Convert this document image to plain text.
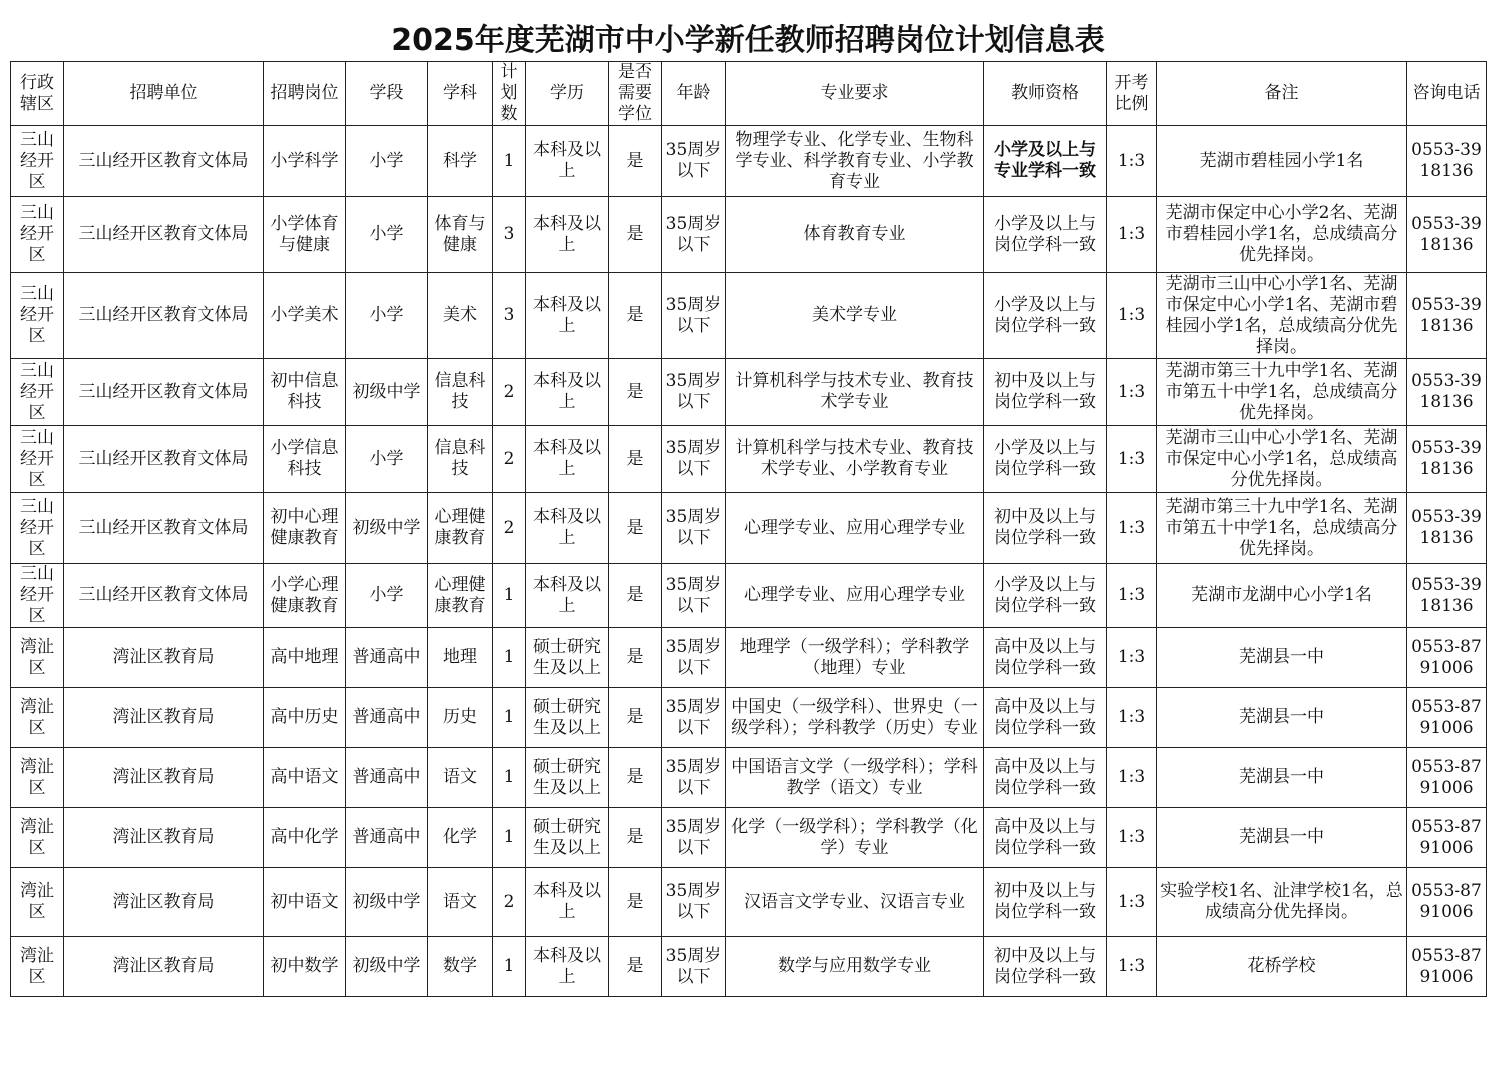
2025年度芜湖市中小学新任教师招聘岗位计划信息表
行政辖区	招聘单位	招聘岗位	学段	学科	计划数	学历	是否需要学位	年龄	专业要求	教师资格	开考比例	备注	咨询电话
三山经开区	三山经开区教育文体局	小学科学	小学	科学	1	本科及以上	是	35周岁以下	物理学专业、化学专业、生物科学专业、科学教育专业、小学教育专业	小学及以上与专业学科一致	1:3	芜湖市碧桂园小学1名	0553-3918136
三山经开区	三山经开区教育文体局	小学体育与健康	小学	体育与健康	3	本科及以上	是	35周岁以下	体育教育专业	小学及以上与岗位学科一致	1:3	芜湖市保定中心小学2名、芜湖市碧桂园小学1名，总成绩高分优先择岗。	0553-3918136
三山经开区	三山经开区教育文体局	小学美术	小学	美术	3	本科及以上	是	35周岁以下	美术学专业	小学及以上与岗位学科一致	1:3	芜湖市三山中心小学1名、芜湖市保定中心小学1名、芜湖市碧桂园小学1名，总成绩高分优先择岗。	0553-3918136
三山经开区	三山经开区教育文体局	初中信息科技	初级中学	信息科技	2	本科及以上	是	35周岁以下	计算机科学与技术专业、教育技术学专业	初中及以上与岗位学科一致	1:3	芜湖市第三十九中学1名、芜湖市第五十中学1名，总成绩高分优先择岗。	0553-3918136
三山经开区	三山经开区教育文体局	小学信息科技	小学	信息科技	2	本科及以上	是	35周岁以下	计算机科学与技术专业、教育技术学专业、小学教育专业	小学及以上与岗位学科一致	1:3	芜湖市三山中心小学1名、芜湖市保定中心小学1名，总成绩高分优先择岗。	0553-3918136
三山经开区	三山经开区教育文体局	初中心理健康教育	初级中学	心理健康教育	2	本科及以上	是	35周岁以下	心理学专业、应用心理学专业	初中及以上与岗位学科一致	1:3	芜湖市第三十九中学1名、芜湖市第五十中学1名，总成绩高分优先择岗。	0553-3918136
三山经开区	三山经开区教育文体局	小学心理健康教育	小学	心理健康教育	1	本科及以上	是	35周岁以下	心理学专业、应用心理学专业	小学及以上与岗位学科一致	1:3	芜湖市龙湖中心小学1名	0553-3918136
湾沚区	湾沚区教育局	高中地理	普通高中	地理	1	硕士研究生及以上	是	35周岁以下	地理学（一级学科）；学科教学（地理）专业	高中及以上与岗位学科一致	1:3	芜湖县一中	0553-8791006
湾沚区	湾沚区教育局	高中历史	普通高中	历史	1	硕士研究生及以上	是	35周岁以下	中国史（一级学科）、世界史（一级学科）；学科教学（历史）专业	高中及以上与岗位学科一致	1:3	芜湖县一中	0553-8791006
湾沚区	湾沚区教育局	高中语文	普通高中	语文	1	硕士研究生及以上	是	35周岁以下	中国语言文学（一级学科）；学科教学（语文）专业	高中及以上与岗位学科一致	1:3	芜湖县一中	0553-8791006
湾沚区	湾沚区教育局	高中化学	普通高中	化学	1	硕士研究生及以上	是	35周岁以下	化学（一级学科）；学科教学（化学）专业	高中及以上与岗位学科一致	1:3	芜湖县一中	0553-8791006
湾沚区	湾沚区教育局	初中语文	初级中学	语文	2	本科及以上	是	35周岁以下	汉语言文学专业、汉语言专业	初中及以上与岗位学科一致	1:3	实验学校1名、沚津学校1名，总成绩高分优先择岗。	0553-8791006
湾沚区	湾沚区教育局	初中数学	初级中学	数学	1	本科及以上	是	35周岁以下	数学与应用数学专业	初中及以上与岗位学科一致	1:3	花桥学校	0553-8791006
